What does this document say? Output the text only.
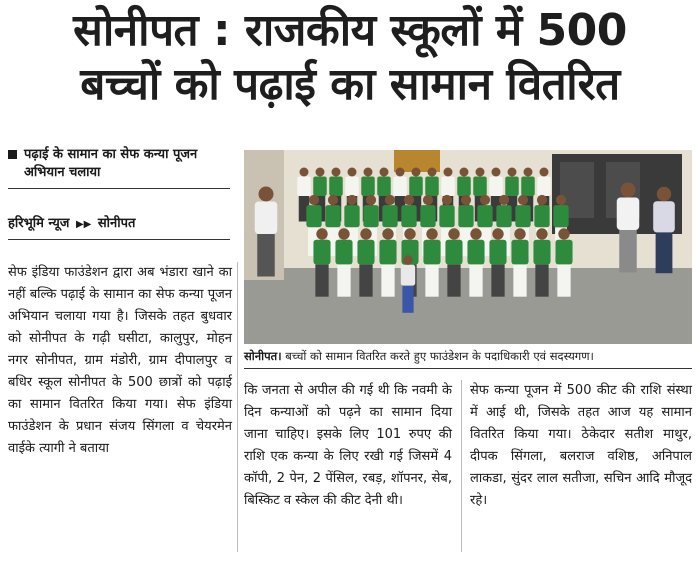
सोनीपत : राजकीय स्कूलों में 500
बच्चों को पढ़ाई का सामान वितरित
पढ़ाई के सामान का सेफ कन्या पूजन अभियान चलाया
हरिभूमि न्यूज ▶▶ सोनीपत
सोनीपत। बच्चों को सामान वितरित करते हुए फाउंडेशन के पदाधिकारी एवं सदस्यगण।
सेफ इंडिया फाउंडेशन द्वारा अब भंडारा खाने का नहीं बल्कि पढ़ाई के सामान का सेफ कन्या पूजन अभियान चलाया गया है। जिसके तहत बुधवार को सोनीपत के गढ़ी घसीटा, कालुपुर, मोहन नगर सोनीपत, ग्राम मंडोरी, ग्राम दीपालपुर व बधिर स्कूल सोनीपत के 500 छात्रों को पढ़ाई का सामान वितरित किया गया। सेफ इंडिया फाउंडेशन के प्रधान संजय सिंगला व चेयरमेन वाईके त्यागी ने बताया
कि जनता से अपील की गई थी कि नवमी के दिन कन्याओं को पढ़ने का सामान दिया जाना चाहिए। इसके लिए 101 रुपए की राशि एक कन्या के लिए रखी गई जिसमें 4 कॉपी, 2 पेन, 2 पेंसिल, रबड़, शॉपनर, सेब, बिस्किट व स्केल की कीट देनी थी।
सेफ कन्या पूजन में 500 कीट की राशि संस्था में आई थी, जिसके तहत आज यह सामान वितरित किया गया। ठेकेदार सतीश माथुर, दीपक सिंगला, बलराज वशिष्ठ, अनिपाल लाकडा, सुंदर लाल सतीजा, सचिन आदि मौजूद रहे।
